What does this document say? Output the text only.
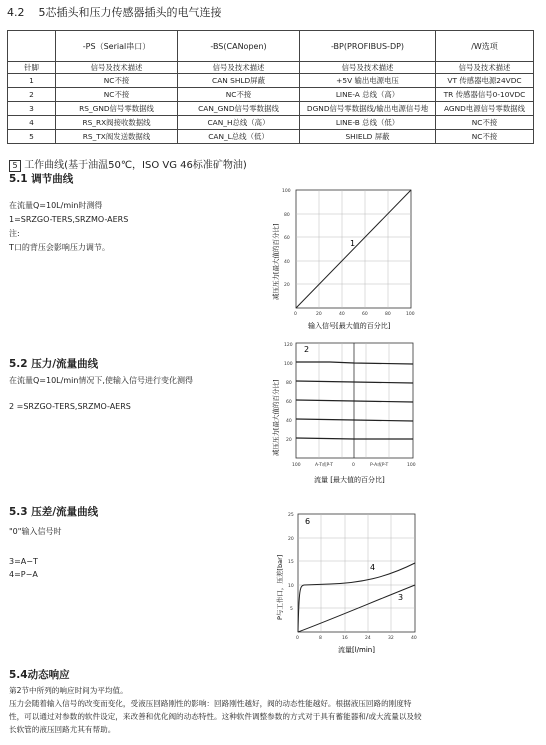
4.2 5芯插头和压力传感器插头的电气连接
	-PS（Serial串口）	-BS(CANopen)	-BP(PROFIBUS-DP)	/W选项
针脚	信号及技术描述	信号及技术描述	信号及技术描述	信号及技术描述
1	NC不接	CAN SHLD屏蔽	+5V 输出电源电压	VT 传感器电源24VDC
2	NC不接	NC不接	LINE-A 总线（高）	TR 传感器信号0-10VDC
3	RS_GND信号零数据线	CAN_GND信号零数据线	DGND信号零数据线/输出电源信号地	AGND电源信号零数据线
4	RS_RX阀接收数据线	CAN_H总线（高）	LINE-B 总线（低）	NC不接
5	RS_TX阀发送数据线	CAN_L总线（低）	SHIELD 屏蔽	NC不接
5 工作曲线(基于油温50℃，ISO VG 46标准矿物油)
5.1 调节曲线
在流量Q=10L/min时测得
1=SRZGO-TERS,SRZMO-AERS
注:
T口的背压会影响压力调节。	1
20
40
60
80
100
0	20	40	60	80	100
输入信号[最大值的百分比]
减压压力[最大值的百分比]
5.2 压力/流量曲线
在流量Q=10L/min情况下,使输入信号进行变化测得
2 =SRZGO-TERS,SRZMO-AERS
2
20
40
60
80
100
120
100	A-T或P-T	0	P-A或P-T	100
流量 [最大值的百分比]
减压压力[最大值的百分比]
5.3 压差/流量曲线
"0"输入信号时
3=A−T
4=P−A
6
4
3
5
10
15
20
25
0	8	16	24	32	40
流量[l/min]
P与工作口，压差[bar]
5.4动态响应
第2节中所列的响应时间为平均值。
压力会随着输入信号的改变而变化，受液压回路刚性的影响：回路刚性越好，阀的动态性能越好。根据液压回路的刚度特
性，可以通过对参数的软件设定，来改善和优化阀的动态特性。这种软件调整参数的方式对于具有蓄能器和/或大流量以及较
长软管的液压回路尤其有帮助。
